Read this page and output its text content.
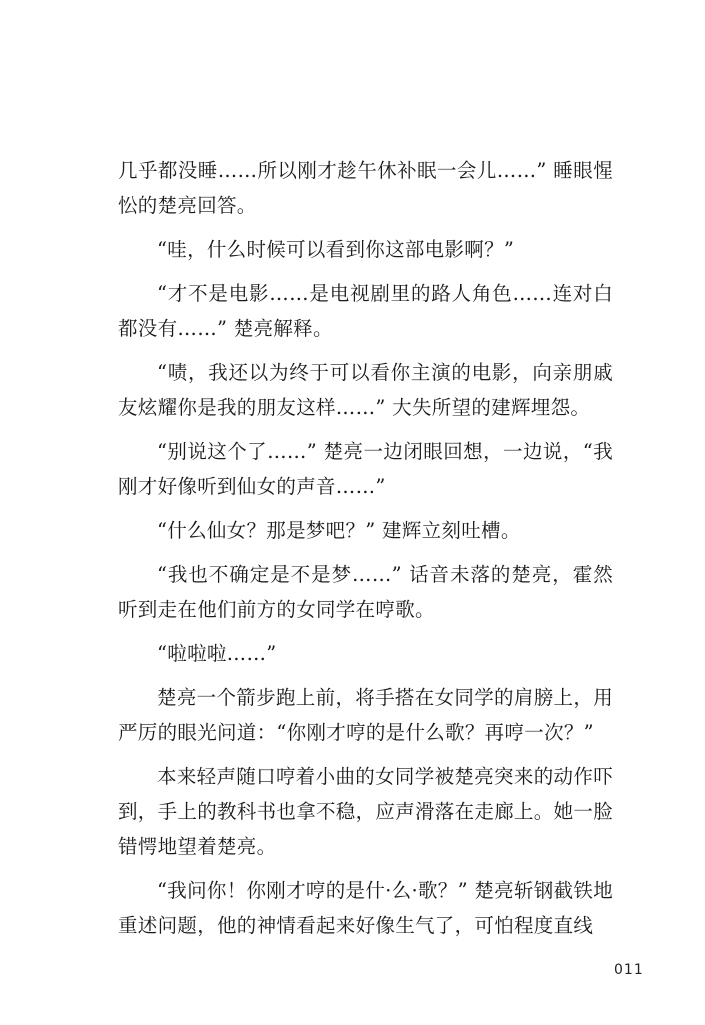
几乎都没睡……所以刚才趁午休补眠一会儿……” 睡眼惺忪的楚亮回答。

“哇，什么时候可以看到你这部电影啊？”

“才不是电影……是电视剧里的路人角色……连对白都没有……” 楚亮解释。

“啧，我还以为终于可以看你主演的电影，向亲朋戚友炫耀你是我的朋友这样……” 大失所望的建辉埋怨。

“别说这个了……” 楚亮一边闭眼回想，一边说，“我刚才好像听到仙女的声音……”

“什么仙女？那是梦吧？” 建辉立刻吐槽。

“我也不确定是不是梦……” 话音未落的楚亮，霍然听到走在他们前方的女同学在哼歌。

“啦啦啦……”

楚亮一个箭步跑上前，将手搭在女同学的肩膀上，用严厉的眼光问道：“你刚才哼的是什么歌？再哼一次？”

本来轻声随口哼着小曲的女同学被楚亮突来的动作吓到，手上的教科书也拿不稳，应声滑落在走廊上。她一脸错愕地望着楚亮。

“我问你！你刚才哼的是什·么·歌？” 楚亮斩钢截铁地重述问题，他的神情看起来好像生气了，可怕程度直线

011
